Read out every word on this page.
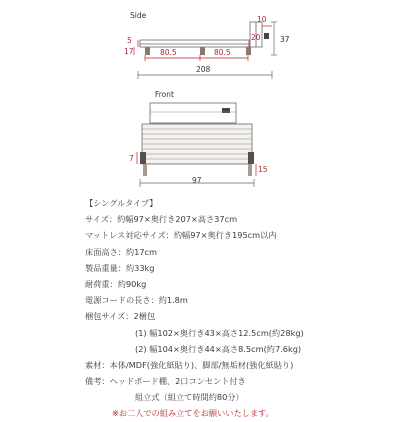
Side	10
5
17	80.5	80.5
20	37
208
Front
7
97
15
【シングルタイプ】
サイズ：約幅97×奥行き207×高さ37cm
マットレス対応サイズ：約幅97×奥行き195cm以内
床面高さ：約17cm
製品重量：約33kg
耐荷重：約90kg
電源コードの長さ：約1.8m
梱包サイズ：2梱包
(1) 幅102×奥行き43×高さ12.5cm(約28kg)
(2) 幅104×奥行き44×高さ8.5cm(約7.6kg)
素材：本体/MDF(強化紙貼り)、脚部/無垢材(強化紙貼り)
備考：ヘッドボード棚、2口コンセント付き
組立式（組立て時間約80分）
※お二人での組み立てをお願いいたします。
